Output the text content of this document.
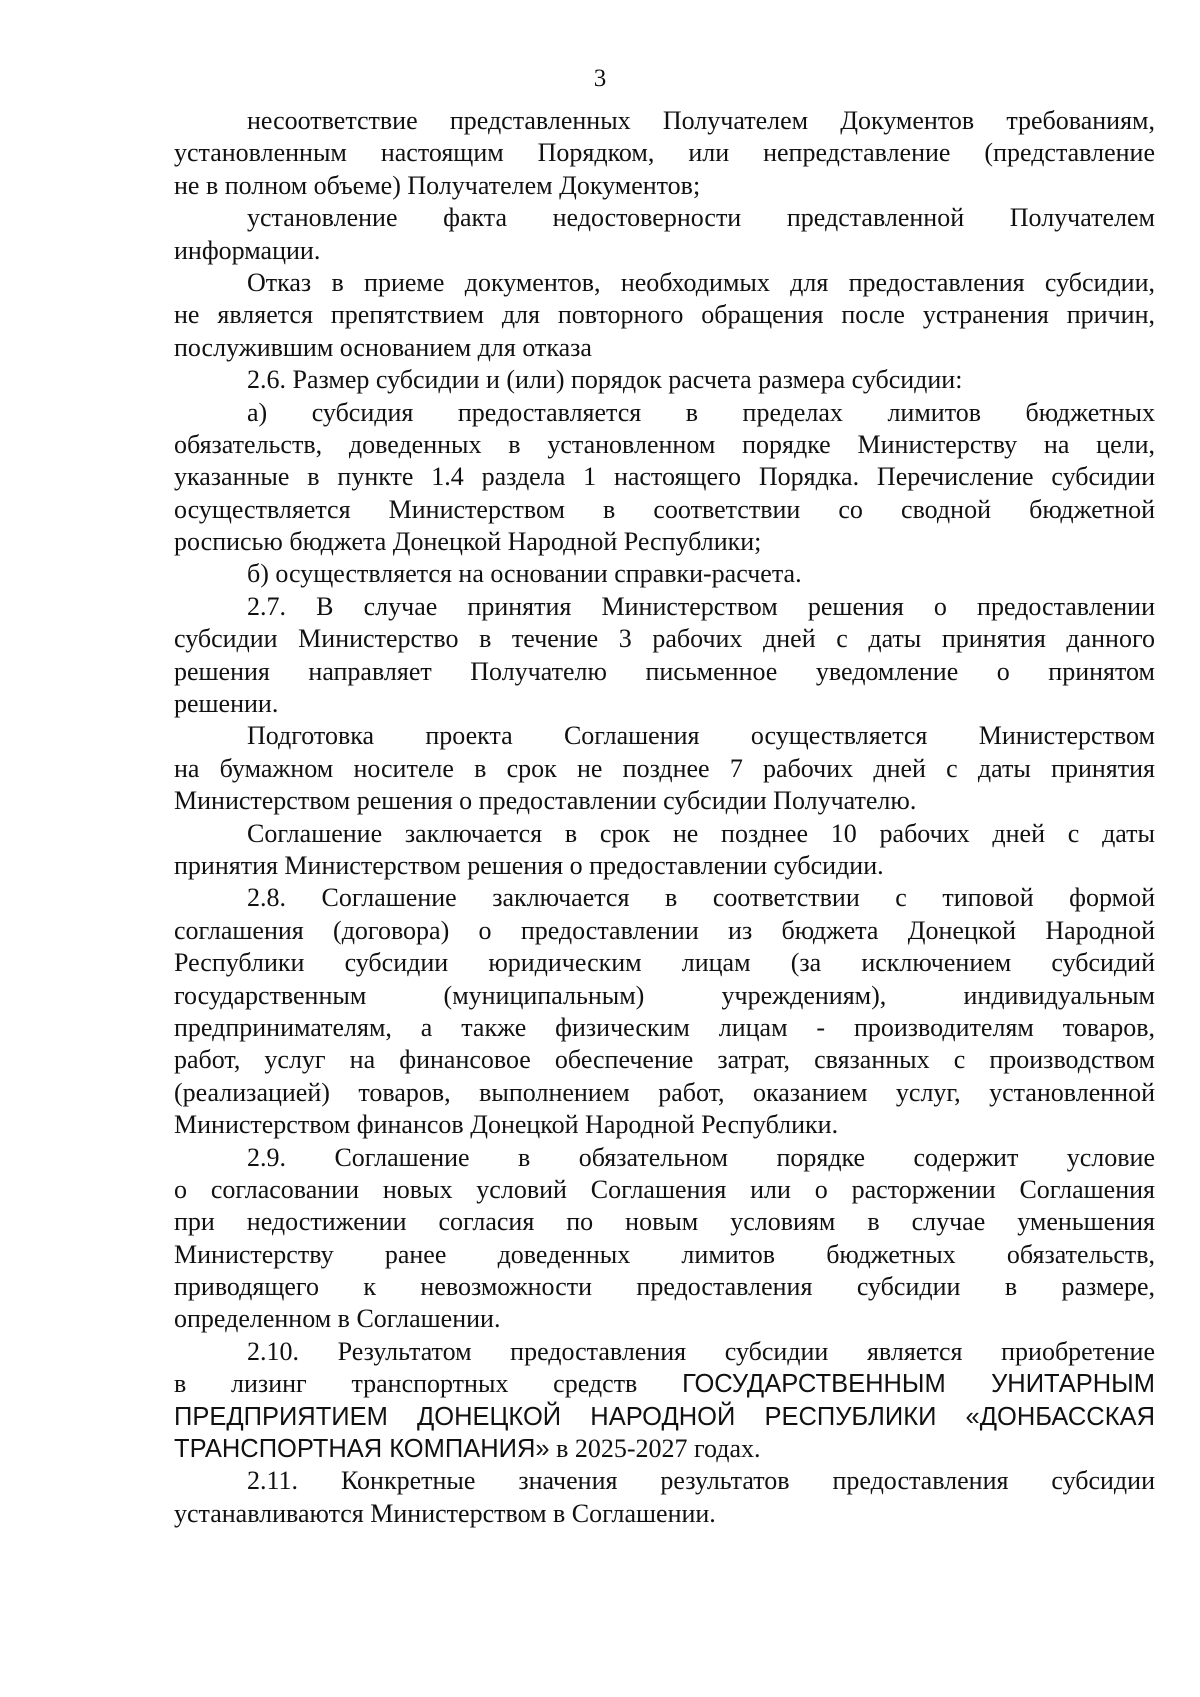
3
несоответствие представленных Получателем Документов требованиям,
установленным настоящим Порядком, или непредставление (представление
не в полном объеме) Получателем Документов;
установление факта недостоверности представленной Получателем
информации.
Отказ в приеме документов, необходимых для предоставления субсидии,
не является препятствием для повторного обращения после устранения причин,
послужившим основанием для отказа
2.6. Размер субсидии и (или) порядок расчета размера субсидии:
а) субсидия предоставляется в пределах лимитов бюджетных
обязательств, доведенных в установленном порядке Министерству на цели,
указанные в пункте 1.4 раздела 1 настоящего Порядка. Перечисление субсидии
осуществляется Министерством в соответствии со сводной бюджетной
росписью бюджета Донецкой Народной Республики;
б) осуществляется на основании справки-расчета.
2.7. В случае принятия Министерством решения о предоставлении
субсидии Министерство в течение 3 рабочих дней с даты принятия данного
решения направляет Получателю письменное уведомление о принятом
решении.
Подготовка проекта Соглашения осуществляется Министерством
на бумажном носителе в срок не позднее 7 рабочих дней с даты принятия
Министерством решения о предоставлении субсидии Получателю.
Соглашение заключается в срок не позднее 10 рабочих дней с даты
принятия Министерством решения о предоставлении субсидии.
2.8. Соглашение заключается в соответствии с типовой формой
соглашения (договора) о предоставлении из бюджета Донецкой Народной
Республики субсидии юридическим лицам (за исключением субсидий
государственным (муниципальным) учреждениям), индивидуальным
предпринимателям, а также физическим лицам - производителям товаров,
работ, услуг на финансовое обеспечение затрат, связанных с производством
(реализацией) товаров, выполнением работ, оказанием услуг, установленной
Министерством финансов Донецкой Народной Республики.
2.9. Соглашение в обязательном порядке содержит условие
о согласовании новых условий Соглашения или о расторжении Соглашения
при недостижении согласия по новым условиям в случае уменьшения
Министерству ранее доведенных лимитов бюджетных обязательств,
приводящего к невозможности предоставления субсидии в размере,
определенном в Соглашении.
2.10. Результатом предоставления субсидии является приобретение
в лизинг транспортных средств ГОСУДАРСТВЕННЫМ УНИТАРНЫМ
ПРЕДПРИЯТИЕМ ДОНЕЦКОЙ НАРОДНОЙ РЕСПУБЛИКИ «ДОНБАССКАЯ
ТРАНСПОРТНАЯ КОМПАНИЯ» в 2025-2027 годах.
2.11. Конкретные значения результатов предоставления субсидии
устанавливаются Министерством в Соглашении.
